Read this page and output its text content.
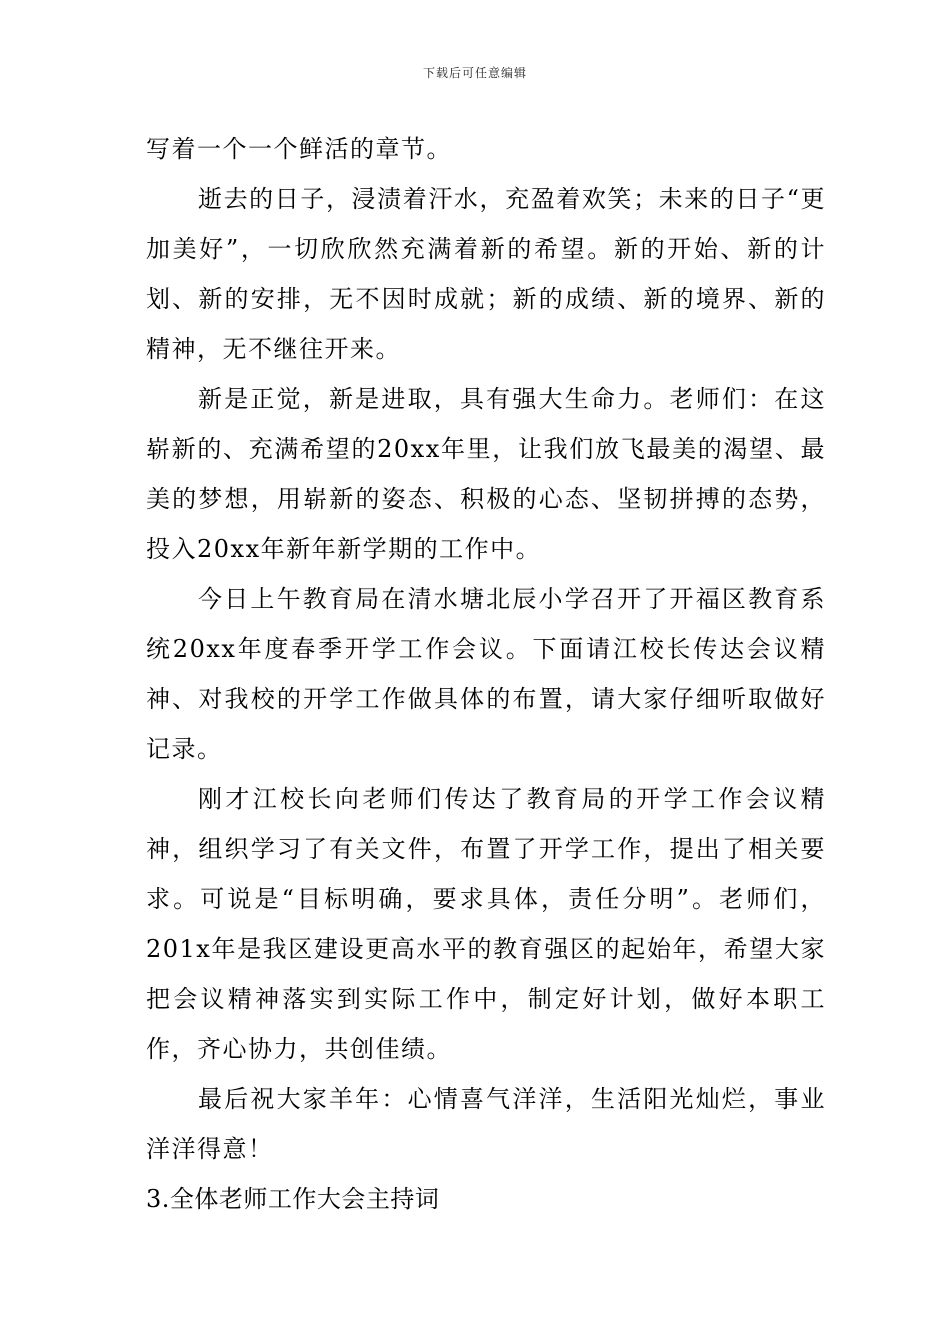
下载后可任意编辑

写着一个一个鲜活的章节。

逝去的日子，浸渍着汗水，充盈着欢笑；未来的日子“更加美好”，一切欣欣然充满着新的希望。新的开始、新的计划、新的安排，无不因时成就；新的成绩、新的境界、新的精神，无不继往开来。

新是正觉，新是进取，具有强大生命力。老师们：在这崭新的、充满希望的20xx年里，让我们放飞最美的渴望、最美的梦想，用崭新的姿态、积极的心态、坚韧拼搏的态势，投入20xx年新年新学期的工作中。

今日上午教育局在清水塘北辰小学召开了开福区教育系统20xx年度春季开学工作会议。下面请江校长传达会议精神、对我校的开学工作做具体的布置，请大家仔细听取做好记录。

刚才江校长向老师们传达了教育局的开学工作会议精神，组织学习了有关文件，布置了开学工作，提出了相关要求。可说是“目标明确，要求具体，责任分明”。老师们，201x年是我区建设更高水平的教育强区的起始年，希望大家把会议精神落实到实际工作中，制定好计划，做好本职工作，齐心协力，共创佳绩。

最后祝大家羊年：心情喜气洋洋，生活阳光灿烂，事业洋洋得意！

3.全体老师工作大会主持词
